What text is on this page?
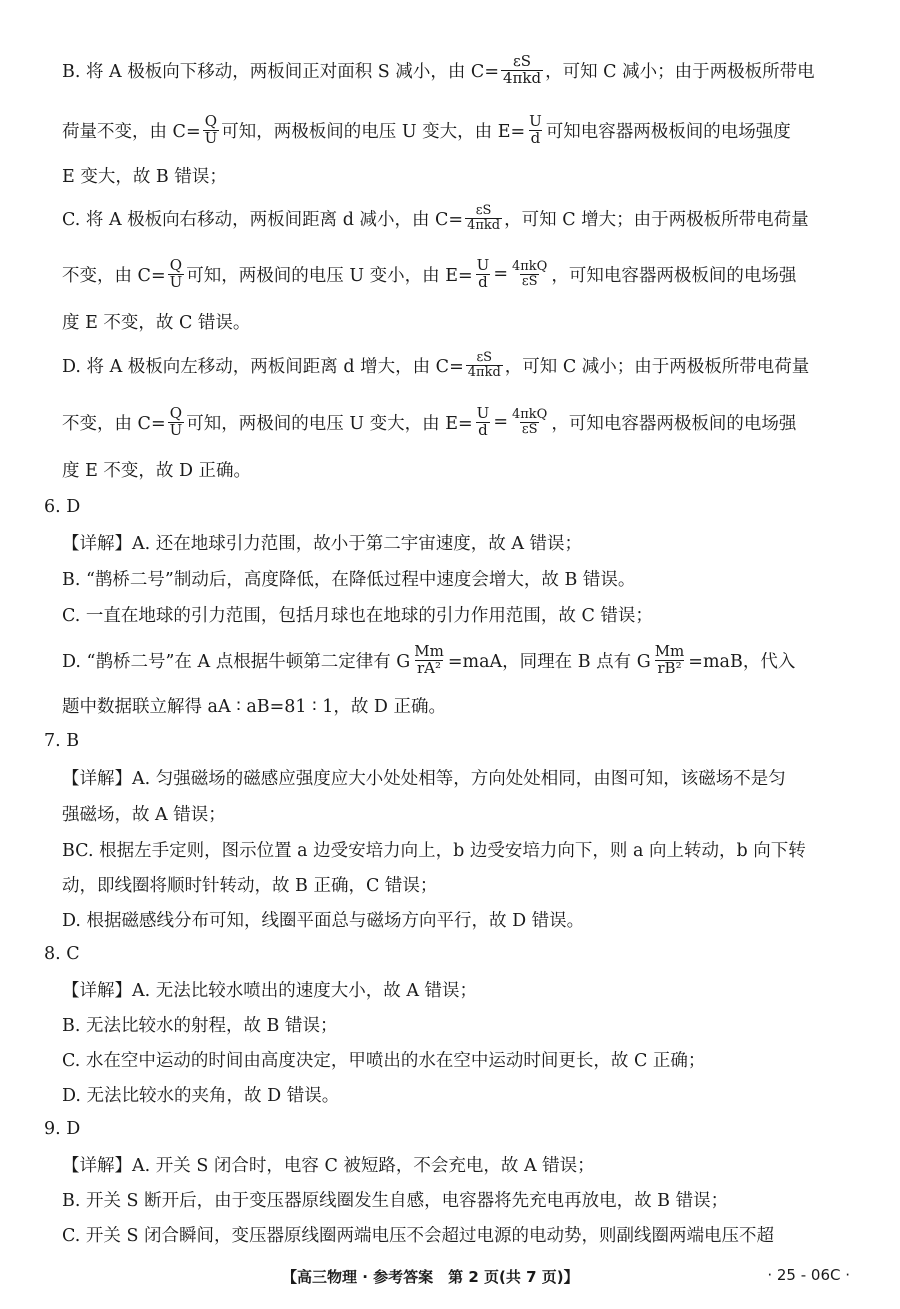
B. 将 A 极板向下移动，两板间正对面积 S 减小，由 $C= \frac{\varepsilon S}{\text{4πkd}}$ ，可知 C 减小；由于两极板所带电
荷量不变，由 $C= \frac{Q}{U}$ 可知，两极板间的电压 U 变大，由 $E= \frac{U}{d}$ 可知电容器两极板间的电场强度
E 变大，故 B 错误；
C. 将 A 极板向右移动，两板间距离 d 减小，由 $C= \frac{\varepsilon S}{\text{4πkd}}$ ，可知 C 增大；由于两极板所带电荷量
不变，由 $C= \frac{Q}{U}$ 可知，两极间的电压 U 变小，由 $E= \frac{U}{d} = \frac{\text{4πkQ}}{\varepsilon S}$ ，可知电容器两极板间的电场强
度 E 不变，故 C 错误。
D. 将 A 极板向左移动，两板间距离 d 增大，由 $C= \frac{\varepsilon S}{\text{4πkd}}$ ，可知 C 减小；由于两极板所带电荷量
不变，由 $C= \frac{Q}{U}$ 可知，两极间的电压 U 变大，由 $E= \frac{U}{d} = \frac{\text{4πkQ}}{\varepsilon S}$ ，可知电容器两极板间的电场强
度 E 不变，故 D 正确。
6. D
【详解】A. 还在地球引力范围，故小于第二宇宙速度，故 A 错误；
B. “鹊桥二号”制动后，高度降低，在降低过程中速度会增大，故 B 错误。
C. 一直在地球的引力范围，包括月球也在地球的引力作用范围，故 C 错误；
D. “鹊桥二号”在 A 点根据牛顿第二定律有 G $\frac{Mm}{\text{rA²}} =maA$，同理在 B 点有 G $\frac{Mm}{\text{rB²}} =maB$，代入
题中数据联立解得 aA ∶ aB=81 ∶ 1，故 D 正确。
7. B
【详解】A. 匀强磁场的磁感应强度应大小处处相等，方向处处相同，由图可知，该磁场不是匀
强磁场，故 A 错误；
BC. 根据左手定则，图示位置 a 边受安培力向上，b 边受安培力向下，则 a 向上转动，b 向下转
动，即线圈将顺时针转动，故 B 正确，C 错误；
D. 根据磁感线分布可知，线圈平面总与磁场方向平行，故 D 错误。
8. C
【详解】A. 无法比较水喷出的速度大小，故 A 错误；
B. 无法比较水的射程，故 B 错误；
C. 水在空中运动的时间由高度决定，甲喷出的水在空中运动时间更长，故 C 正确；
D. 无法比较水的夹角，故 D 错误。
9. D
【详解】A. 开关 S 闭合时，电容 C 被短路，不会充电，故 A 错误；
B. 开关 S 断开后，由于变压器原线圈发生自感，电容器将先充电再放电，故 B 错误；
C. 开关 S 闭合瞬间，变压器原线圈两端电压不会超过电源的电动势，则副线圈两端电压不超
【高三物理 · 参考答案　第 2 页(共 7 页)】	· 25 - 06C ·
